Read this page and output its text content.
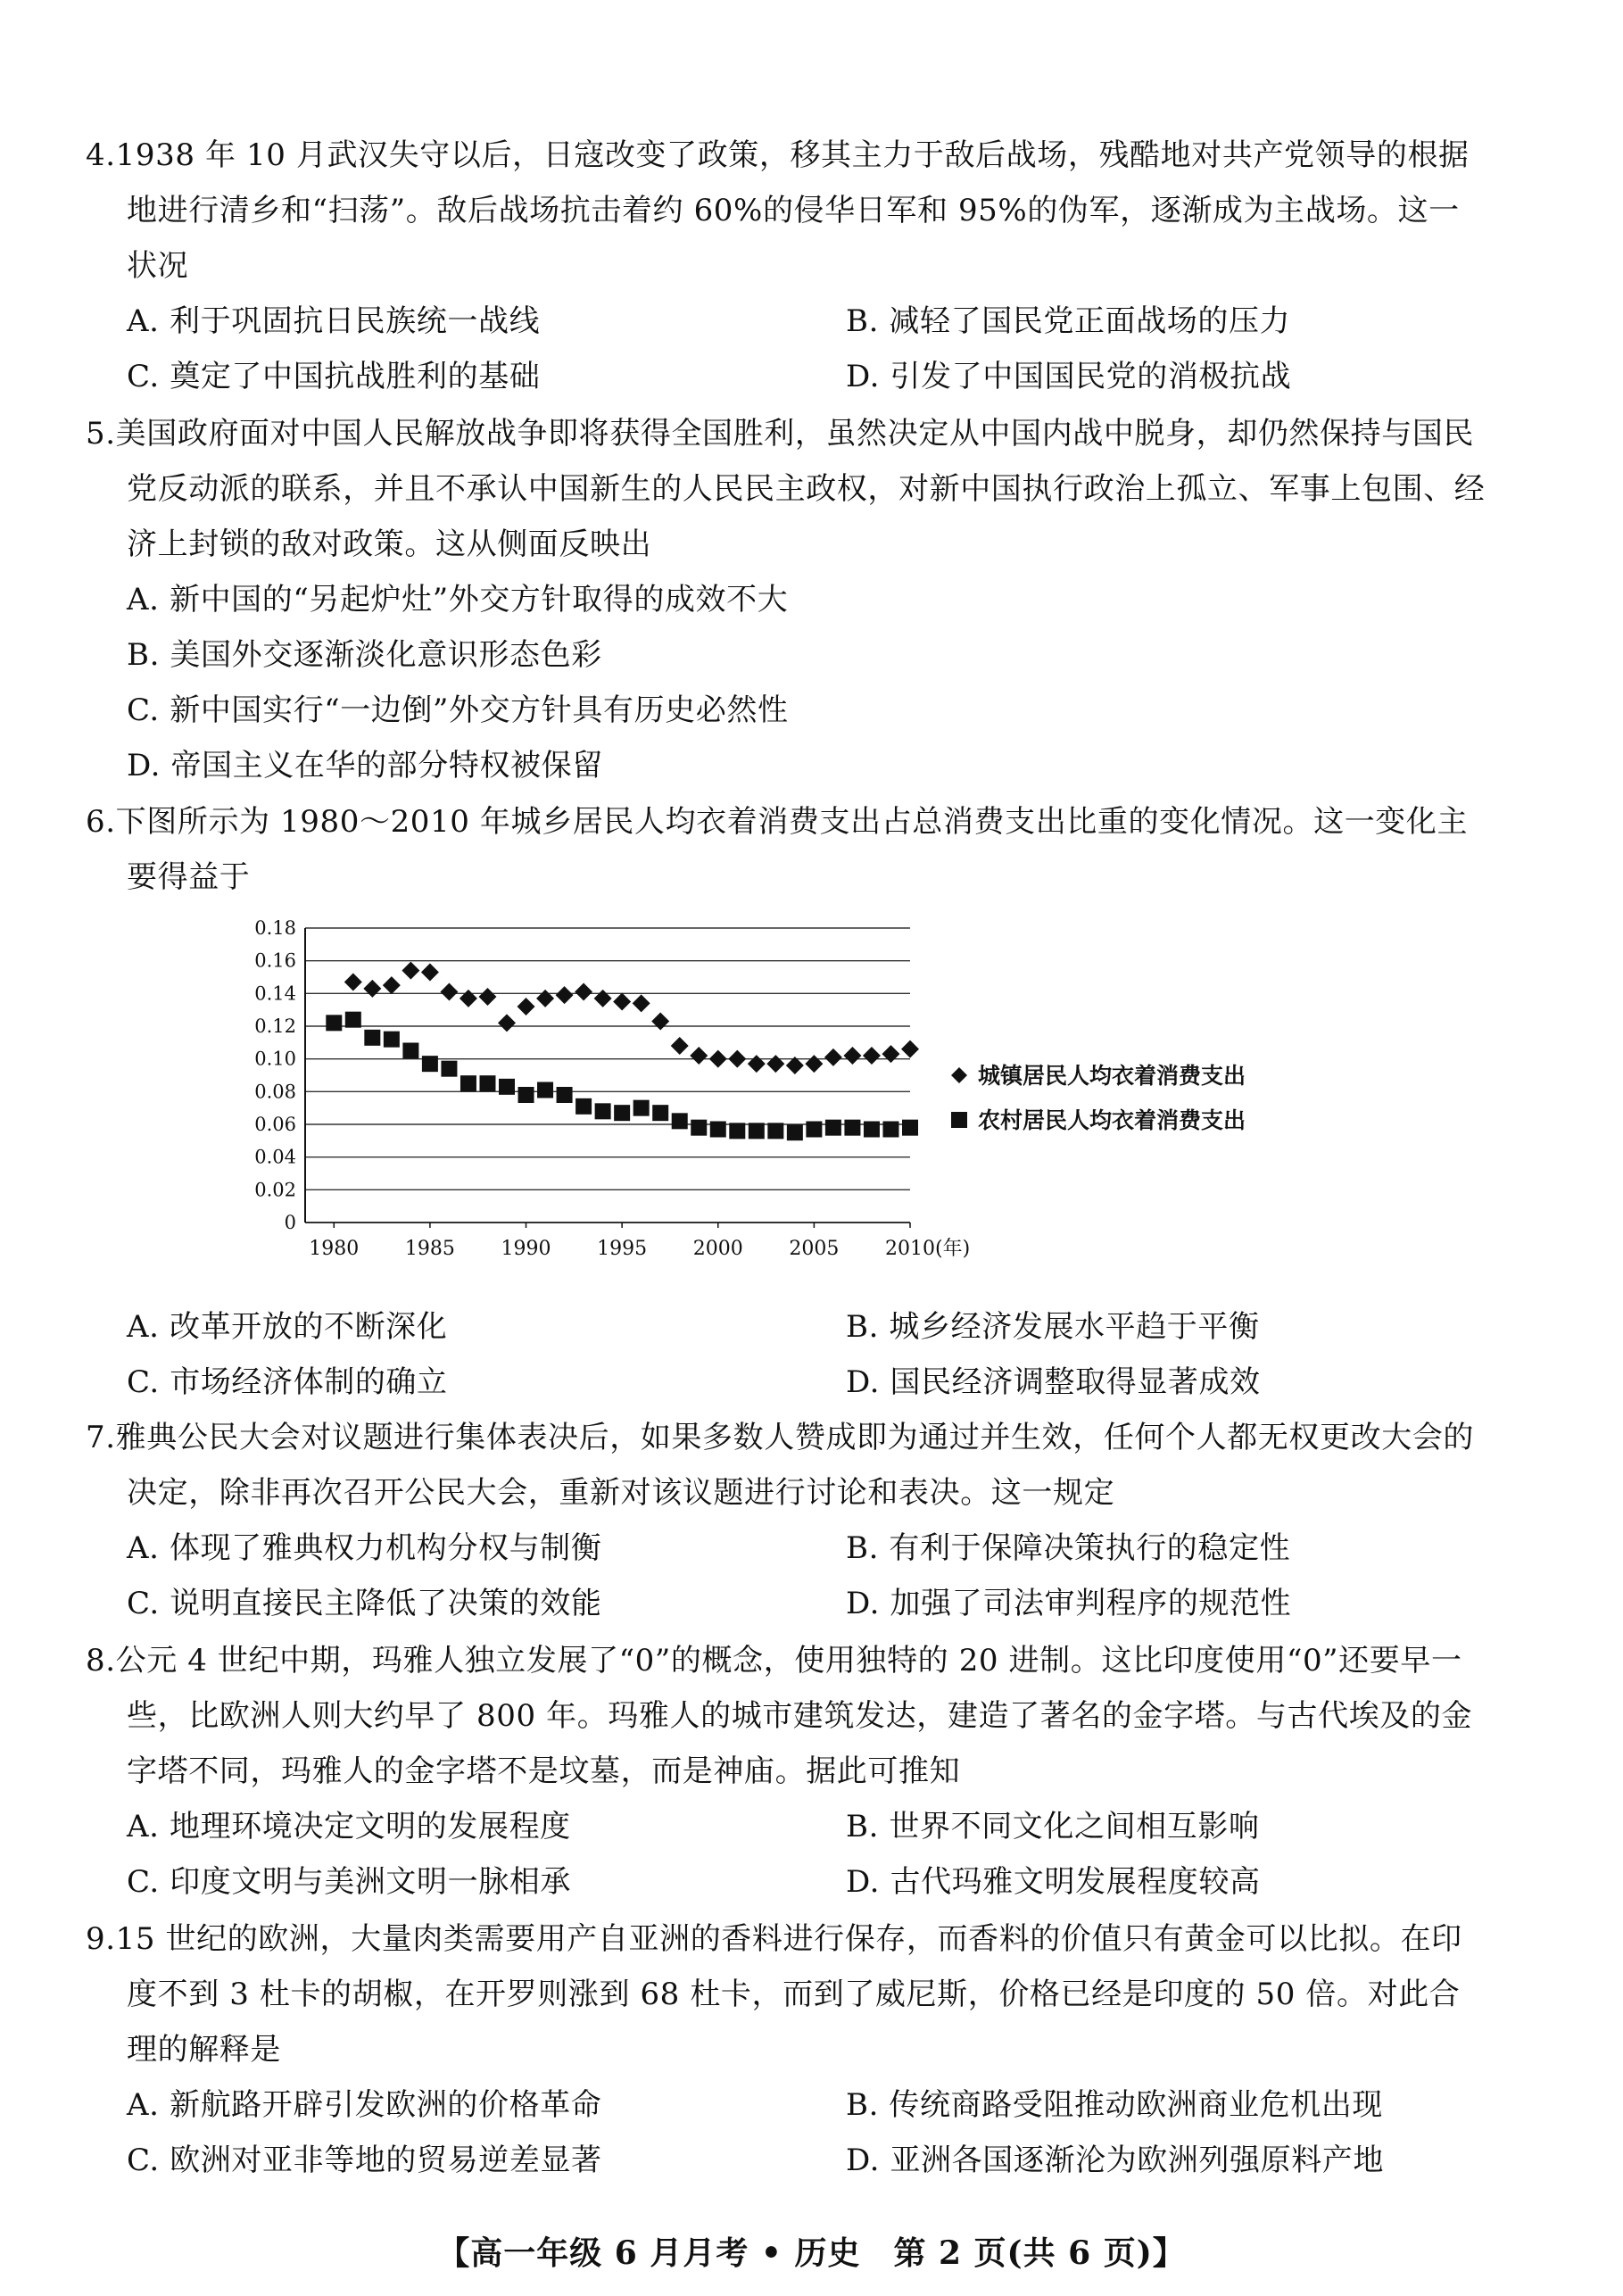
4.1938 年 10 月武汉失守以后，日寇改变了政策，移其主力于敌后战场，残酷地对共产党领导的根据地进行清乡和“扫荡”。敌后战场抗击着约 60%的侵华日军和 95%的伪军，逐渐成为主战场。这一状况

A. 利于巩固抗日民族统一战线	B. 减轻了国民党正面战场的压力
C. 奠定了中国抗战胜利的基础	D. 引发了中国国民党的消极抗战

5.美国政府面对中国人民解放战争即将获得全国胜利，虽然决定从中国内战中脱身，却仍然保持与国民党反动派的联系，并且不承认中国新生的人民民主政权，对新中国执行政治上孤立、军事上包围、经济上封锁的敌对政策。这从侧面反映出

A. 新中国的“另起炉灶”外交方针取得的成效不大
B. 美国外交逐渐淡化意识形态色彩
C. 新中国实行“一边倒”外交方针具有历史必然性
D. 帝国主义在华的部分特权被保留

6.下图所示为 1980～2010 年城乡居民人均衣着消费支出占总消费支出比重的变化情况。这一变化主要得益于

0
0.02
0.04
0.06
0.08
0.10
0.12
0.14
0.16
0.18
1980 1985 1990 1995 2000 2005 2010(年)
城镇居民人均衣着消费支出
农村居民人均衣着消费支出
A. 改革开放的不断深化	B. 城乡经济发展水平趋于平衡
C. 市场经济体制的确立	D. 国民经济调整取得显著成效

7.雅典公民大会对议题进行集体表决后，如果多数人赞成即为通过并生效，任何个人都无权更改大会的决定，除非再次召开公民大会，重新对该议题进行讨论和表决。这一规定

A. 体现了雅典权力机构分权与制衡	B. 有利于保障决策执行的稳定性
C. 说明直接民主降低了决策的效能	D. 加强了司法审判程序的规范性

8.公元 4 世纪中期，玛雅人独立发展了“0”的概念，使用独特的 20 进制。这比印度使用“0”还要早一些，比欧洲人则大约早了 800 年。玛雅人的城市建筑发达，建造了著名的金字塔。与古代埃及的金字塔不同，玛雅人的金字塔不是坟墓，而是神庙。据此可推知

A. 地理环境决定文明的发展程度	B. 世界不同文化之间相互影响
C. 印度文明与美洲文明一脉相承	D. 古代玛雅文明发展程度较高

9.15 世纪的欧洲，大量肉类需要用产自亚洲的香料进行保存，而香料的价值只有黄金可以比拟。在印度不到 3 杜卡的胡椒，在开罗则涨到 68 杜卡，而到了威尼斯，价格已经是印度的 50 倍。对此合理的解释是

A. 新航路开辟引发欧洲的价格革命	B. 传统商路受阻推动欧洲商业危机出现
C. 欧洲对亚非等地的贸易逆差显著	D. 亚洲各国逐渐沦为欧洲列强原料产地
【高一年级 6 月月考 • 历史　第 2 页(共 6 页)】
